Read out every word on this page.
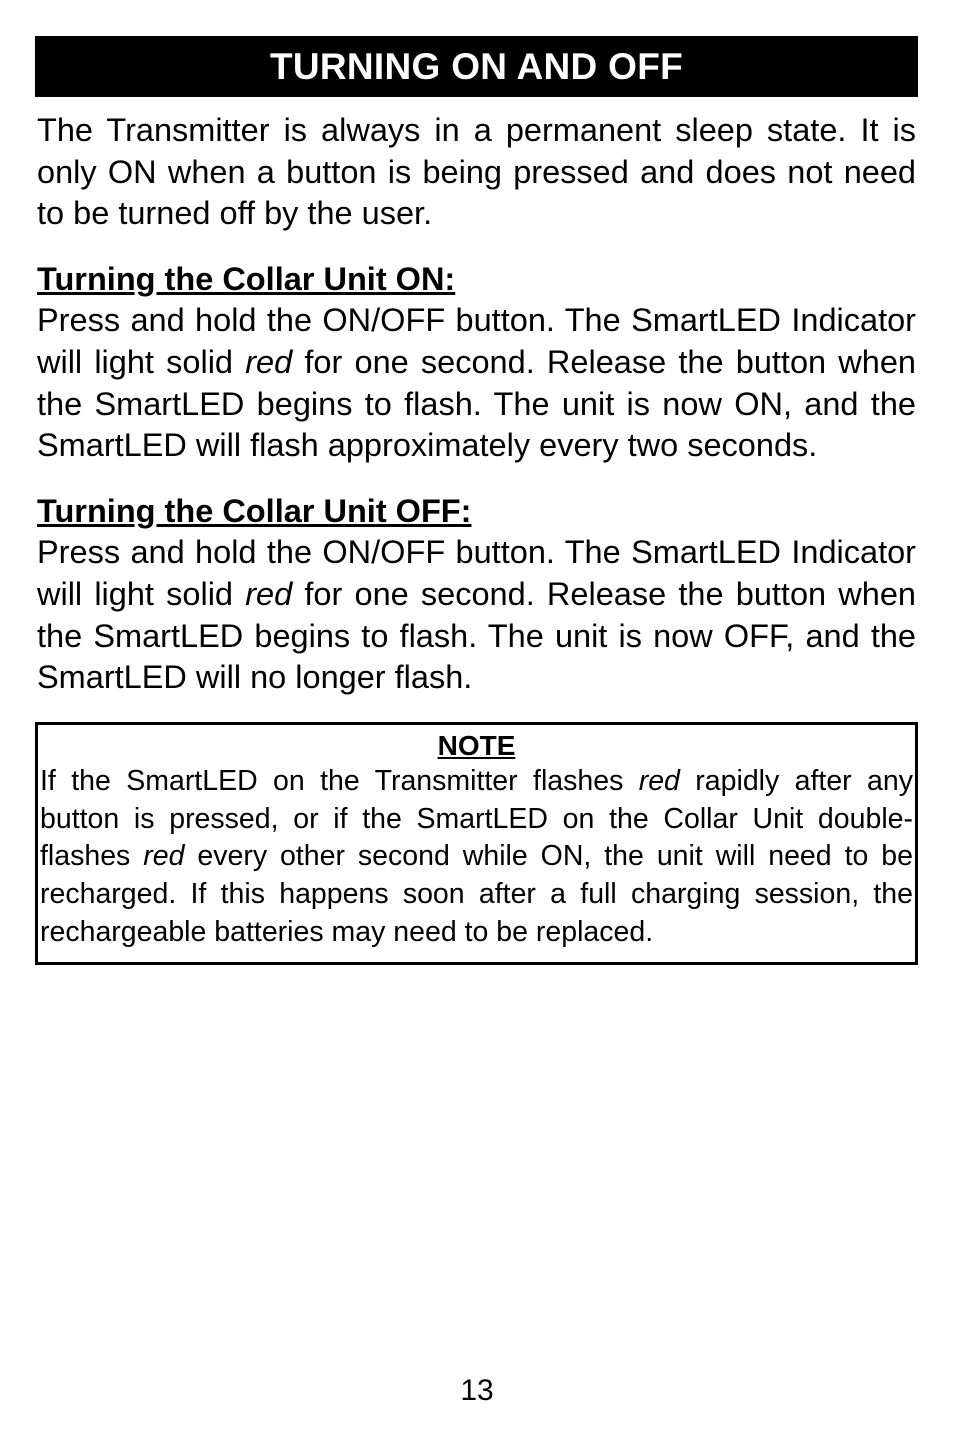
TURNING ON AND OFF

The Transmitter is always in a permanent sleep state. It is only ON when a button is being pressed and does not need to be turned off by the user.

Turning the Collar Unit ON:

Press and hold the ON/OFF button. The SmartLED Indicator will light solid red for one second. Release the button when the SmartLED begins to flash. The unit is now ON, and the SmartLED will flash approximately every two seconds.

Turning the Collar Unit OFF:

Press and hold the ON/OFF button. The SmartLED Indicator will light solid red for one second. Release the button when the SmartLED begins to flash. The unit is now OFF, and the SmartLED will no longer flash.

NOTE
If the SmartLED on the Transmitter flashes red rapidly after any button is pressed, or if the SmartLED on the Collar Unit double-flashes red every other second while ON, the unit will need to be recharged. If this happens soon after a full charging session, the rechargeable batteries may need to be replaced.
13
